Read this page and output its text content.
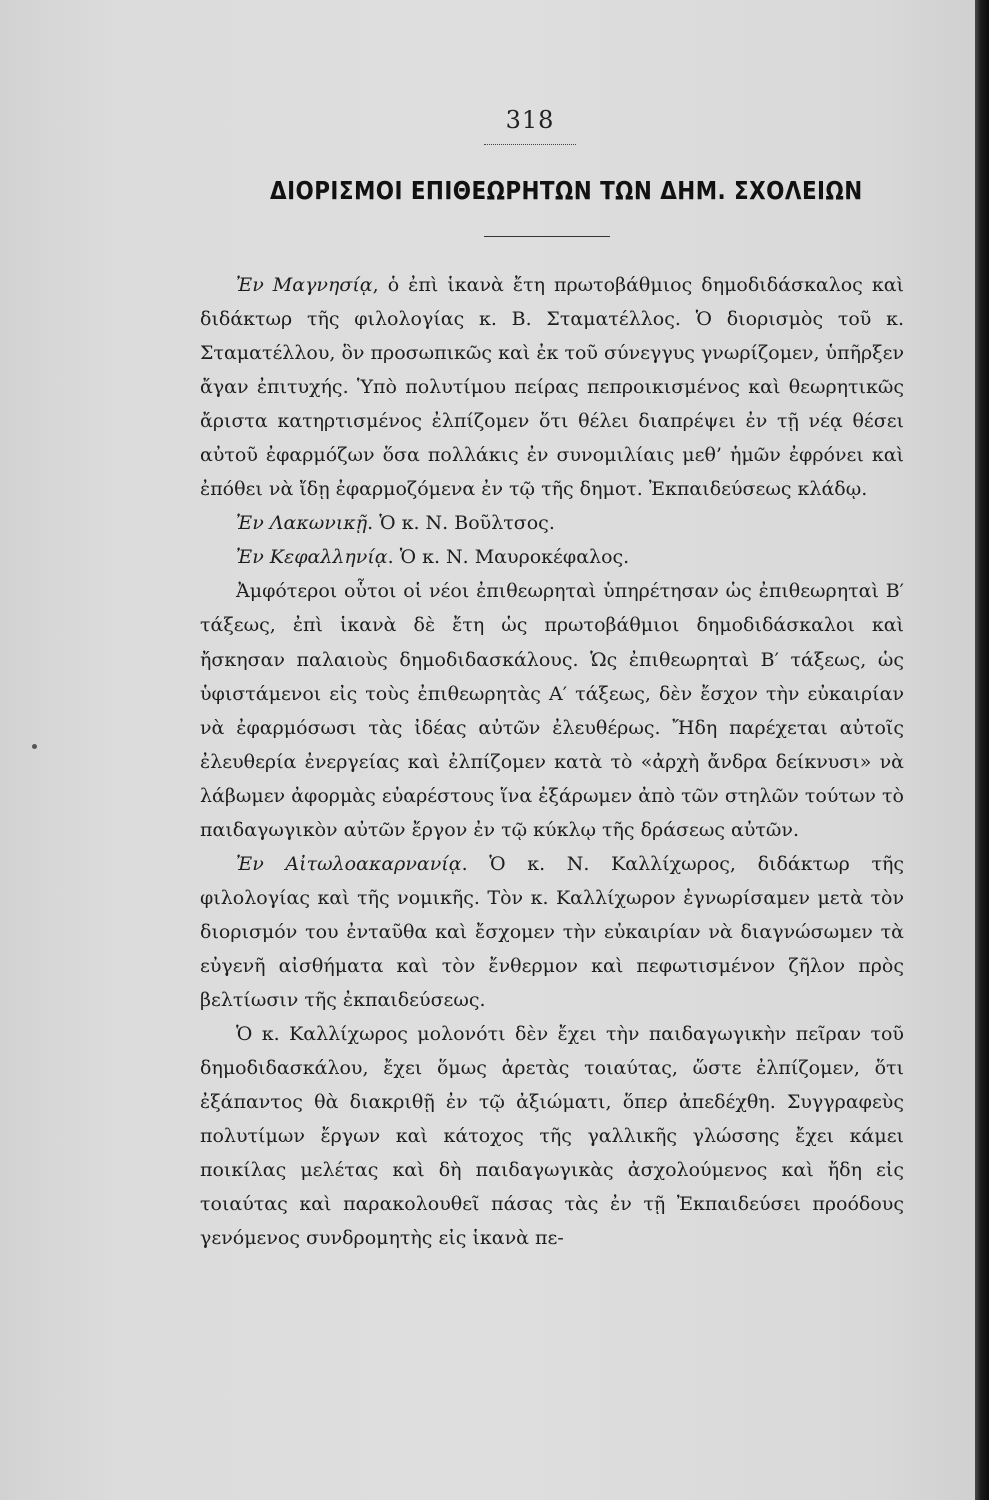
318
ΔΙΟΡΙΣΜΟΙ ΕΠΙΘΕΩΡΗΤΩΝ ΤΩΝ ΔΗΜ. ΣΧΟΛΕΙΩΝ

Ἐν Μαγνησίᾳ, ὁ ἐπὶ ἱκανὰ ἔτη πρωτοβάθμιος δημοδιδάσκαλος καὶ διδάκτωρ τῆς φιλολογίας κ. Β. Σταματέλλος. Ὁ διορισμὸς τοῦ κ. Σταματέλλου, ὃν προσωπικῶς καὶ ἐκ τοῦ σύνεγγυς γνωρίζομεν, ὑπῆρξεν ἄγαν ἐπιτυχής. Ὑπὸ πολυτίμου πείρας πεπροικισμένος καὶ θεωρητικῶς ἄριστα κατηρτισμένος ἐλπίζομεν ὅτι θέλει διαπρέψει ἐν τῇ νέᾳ θέσει αὐτοῦ ἐφαρμόζων ὅσα πολλάκις ἐν συνομιλίαις μεθ’ ἡμῶν ἐφρόνει καὶ ἐπόθει νὰ ἴδῃ ἐφαρμοζόμενα ἐν τῷ τῆς δημοτ. Ἐκπαιδεύσεως κλάδῳ.

Ἐν Λακωνικῇ. Ὁ κ. Ν. Βοῦλτσος.

Ἐν Κεφαλληνίᾳ. Ὁ κ. Ν. Μαυροκέφαλος.

Ἀμφότεροι οὗτοι οἱ νέοι ἐπιθεωρηταὶ ὑπηρέτησαν ὡς ἐπιθεωρηταὶ Β′ τάξεως, ἐπὶ ἱκανὰ δὲ ἔτη ὡς πρωτοβάθμιοι δημοδιδάσκαλοι καὶ ἤσκησαν παλαιοὺς δημοδιδασκάλους. Ὡς ἐπιθεωρηταὶ Β′ τάξεως, ὡς ὑφιστάμενοι εἰς τοὺς ἐπιθεωρητὰς Α′ τάξεως, δὲν ἔσχον τὴν εὐκαιρίαν νὰ ἐφαρμόσωσι τὰς ἰδέας αὐτῶν ἐλευθέρως. Ἤδη παρέχεται αὐτοῖς ἐλευθερία ἐνεργείας καὶ ἐλπίζομεν κατὰ τὸ «ἀρχὴ ἄνδρα δείκνυσι» νὰ λάβωμεν ἀφορμὰς εὐαρέστους ἵνα ἐξάρωμεν ἀπὸ τῶν στηλῶν τούτων τὸ παιδαγωγικὸν αὐτῶν ἔργον ἐν τῷ κύκλῳ τῆς δράσεως αὐτῶν.

Ἐν Αἰτωλοακαρνανίᾳ. Ὁ κ. Ν. Καλλίχωρος, διδάκτωρ τῆς φιλολογίας καὶ τῆς νομικῆς. Τὸν κ. Καλλίχωρον ἐγνωρίσαμεν μετὰ τὸν διορισμόν του ἐνταῦθα καὶ ἔσχομεν τὴν εὐκαιρίαν νὰ διαγνώσωμεν τὰ εὐγενῆ αἰσθήματα καὶ τὸν ἔνθερμον καὶ πεφωτισμένον ζῆλον πρὸς βελτίωσιν τῆς ἐκπαιδεύσεως.

Ὁ κ. Καλλίχωρος μολονότι δὲν ἔχει τὴν παιδαγωγικὴν πεῖραν τοῦ δημοδιδασκάλου, ἔχει ὅμως ἀρετὰς τοιαύτας, ὥστε ἐλπίζομεν, ὅτι ἐξάπαντος θὰ διακριθῇ ἐν τῷ ἀξιώματι, ὅπερ ἀπεδέχθη. Συγγραφεὺς πολυτίμων ἔργων καὶ κάτοχος τῆς γαλλικῆς γλώσσης ἔχει κάμει ποικίλας μελέτας καὶ δὴ παιδαγωγικὰς ἀσχολούμενος καὶ ἤδη εἰς τοιαύτας καὶ παρακολουθεῖ πάσας τὰς ἐν τῇ Ἐκπαιδεύσει προόδους γενόμενος συνδρομητὴς εἰς ἱκανὰ πε-
